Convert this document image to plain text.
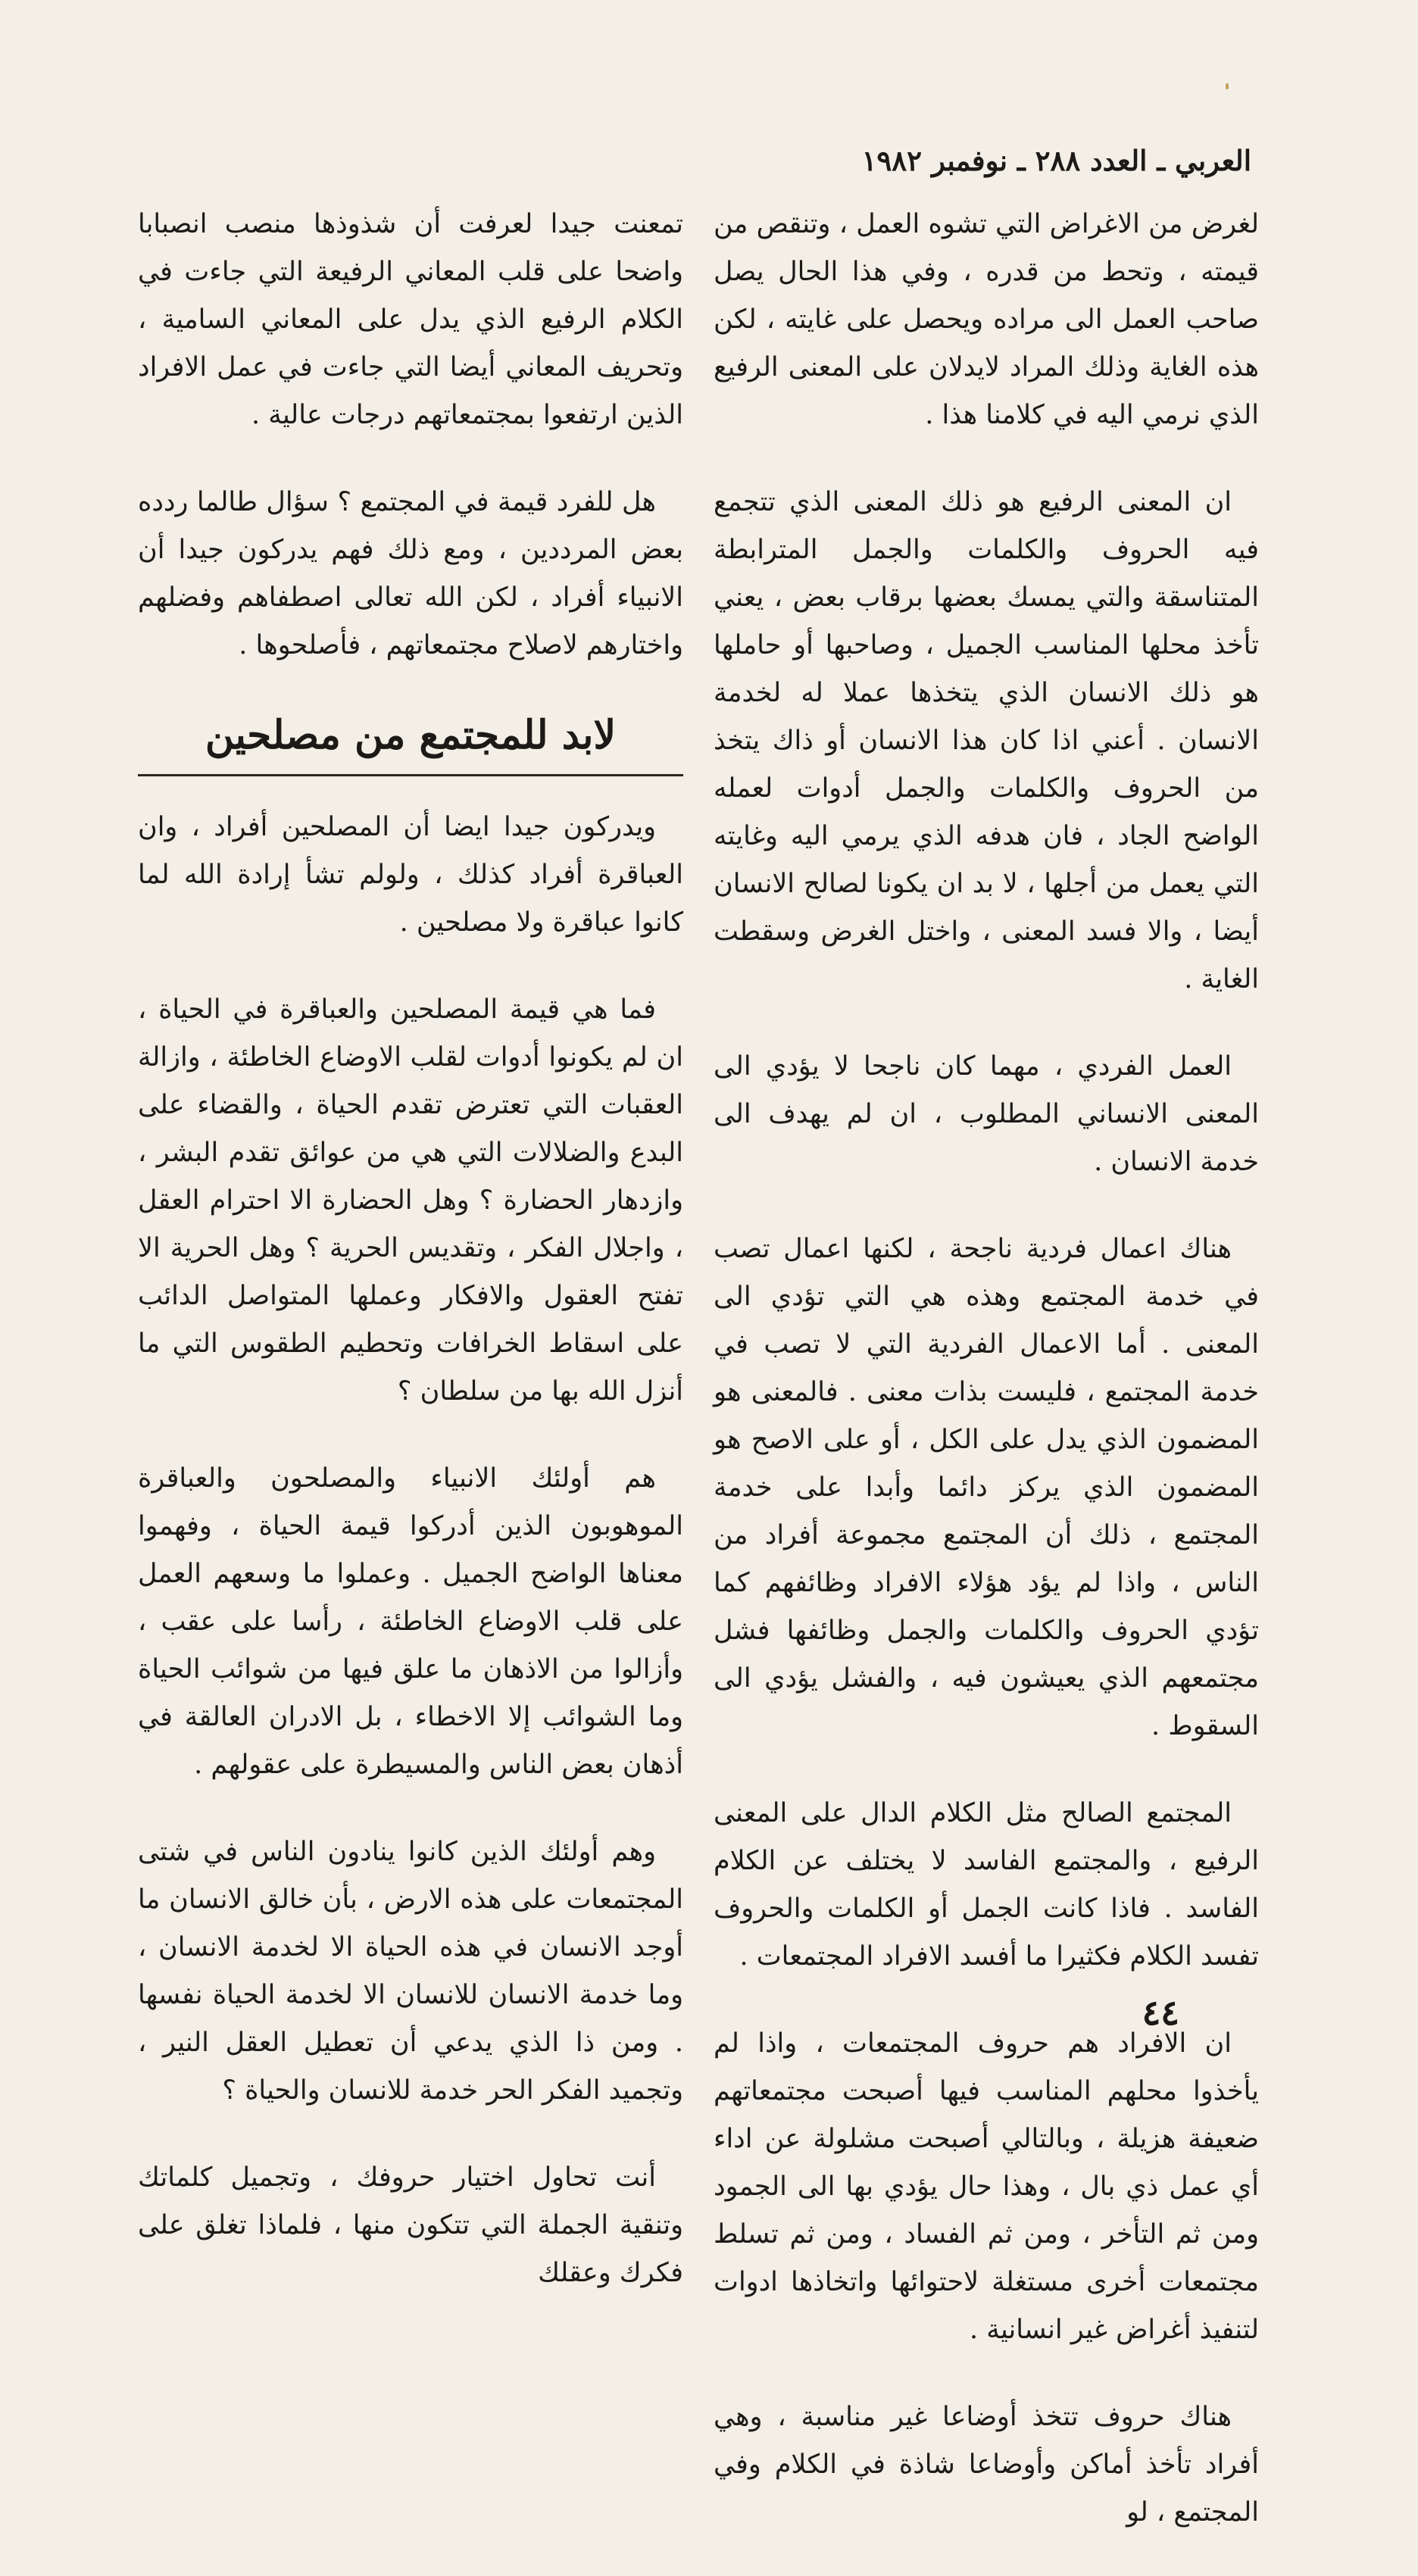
العربي ـ العدد ٢٨٨ ـ نوفمبر ١٩٨٢

لغرض من الاغراض التي تشوه العمل ، وتنقص من قيمته ، وتحط من قدره ، وفي هذا الحال يصل صاحب العمل الى مراده ويحصل على غايته ، لكن هذه الغاية وذلك المراد لايدلان على المعنى الرفيع الذي نرمي اليه في كلامنا هذا .

ان المعنى الرفيع هو ذلك المعنى الذي تتجمع فيه الحروف والكلمات والجمل المترابطة المتناسقة والتي يمسك بعضها برقاب بعض ، يعني تأخذ محلها المناسب الجميل ، وصاحبها أو حاملها هو ذلك الانسان الذي يتخذها عملا له لخدمة الانسان . أعني اذا كان هذا الانسان أو ذاك يتخذ من الحروف والكلمات والجمل أدوات لعمله الواضح الجاد ، فان هدفه الذي يرمي اليه وغايته التي يعمل من أجلها ، لا بد ان يكونا لصالح الانسان أيضا ، والا فسد المعنى ، واختل الغرض وسقطت الغاية .

العمل الفردي ، مهما كان ناجحا لا يؤدي الى المعنى الانساني المطلوب ، ان لم يهدف الى خدمة الانسان .

هناك اعمال فردية ناجحة ، لكنها اعمال تصب في خدمة المجتمع وهذه هي التي تؤدي الى المعنى . أما الاعمال الفردية التي لا تصب في خدمة المجتمع ، فليست بذات معنى . فالمعنى هو المضمون الذي يدل على الكل ، أو على الاصح هو المضمون الذي يركز دائما وأبدا على خدمة المجتمع ، ذلك أن المجتمع مجموعة أفراد من الناس ، واذا لم يؤد هؤلاء الافراد وظائفهم كما تؤدي الحروف والكلمات والجمل وظائفها فشل مجتمعهم الذي يعيشون فيه ، والفشل يؤدي الى السقوط .

المجتمع الصالح مثل الكلام الدال على المعنى الرفيع ، والمجتمع الفاسد لا يختلف عن الكلام الفاسد . فاذا كانت الجمل أو الكلمات والحروف تفسد الكلام فكثيرا ما أفسد الافراد المجتمعات .

ان الافراد هم حروف المجتمعات ، واذا لم يأخذوا محلهم المناسب فيها أصبحت مجتمعاتهم ضعيفة هزيلة ، وبالتالي أصبحت مشلولة عن اداء أي عمل ذي بال ، وهذا حال يؤدي بها الى الجمود ومن ثم التأخر ، ومن ثم الفساد ، ومن ثم تسلط مجتمعات أخرى مستغلة لاحتوائها واتخاذها ادوات لتنفيذ أغراض غير انسانية .

هناك حروف تتخذ أوضاعا غير مناسبة ، وهي أفراد تأخذ أماكن وأوضاعا شاذة في الكلام وفي المجتمع ، لو

تمعنت جيدا لعرفت أن شذوذها منصب انصبابا واضحا على قلب المعاني الرفيعة التي جاءت في الكلام الرفيع الذي يدل على المعاني السامية ، وتحريف المعاني أيضا التي جاءت في عمل الافراد الذين ارتفعوا بمجتمعاتهم درجات عالية .

هل للفرد قيمة في المجتمع ؟ سؤال طالما ردده بعض المرددين ، ومع ذلك فهم يدركون جيدا أن الانبياء أفراد ، لكن الله تعالى اصطفاهم وفضلهم واختارهم لاصلاح مجتمعاتهم ، فأصلحوها .

لابد للمجتمع من مصلحين

ويدركون جيدا ايضا أن المصلحين أفراد ، وان العباقرة أفراد كذلك ، ولولم تشأ إرادة الله لما كانوا عباقرة ولا مصلحين .

فما هي قيمة المصلحين والعباقرة في الحياة ، ان لم يكونوا أدوات لقلب الاوضاع الخاطئة ، وازالة العقبات التي تعترض تقدم الحياة ، والقضاء على البدع والضلالات التي هي من عوائق تقدم البشر ، وازدهار الحضارة ؟ وهل الحضارة الا احترام العقل ، واجلال الفكر ، وتقديس الحرية ؟ وهل الحرية الا تفتح العقول والافكار وعملها المتواصل الدائب على اسقاط الخرافات وتحطيم الطقوس التي ما أنزل الله بها من سلطان ؟

هم أولئك الانبياء والمصلحون والعباقرة الموهوبون الذين أدركوا قيمة الحياة ، وفهموا معناها الواضح الجميل . وعملوا ما وسعهم العمل على قلب الاوضاع الخاطئة ، رأسا على عقب ، وأزالوا من الاذهان ما علق فيها من شوائب الحياة وما الشوائب إلا الاخطاء ، بل الادران العالقة في أذهان بعض الناس والمسيطرة على عقولهم .

وهم أولئك الذين كانوا ينادون الناس في شتى المجتمعات على هذه الارض ، بأن خالق الانسان ما أوجد الانسان في هذه الحياة الا لخدمة الانسان ، وما خدمة الانسان للانسان الا لخدمة الحياة نفسها . ومن ذا الذي يدعي أن تعطيل العقل النير ، وتجميد الفكر الحر خدمة للانسان والحياة ؟

أنت تحاول اختيار حروفك ، وتجميل كلماتك وتنقية الجملة التي تتكون منها ، فلماذا تغلق على فكرك وعقلك

٤٤
